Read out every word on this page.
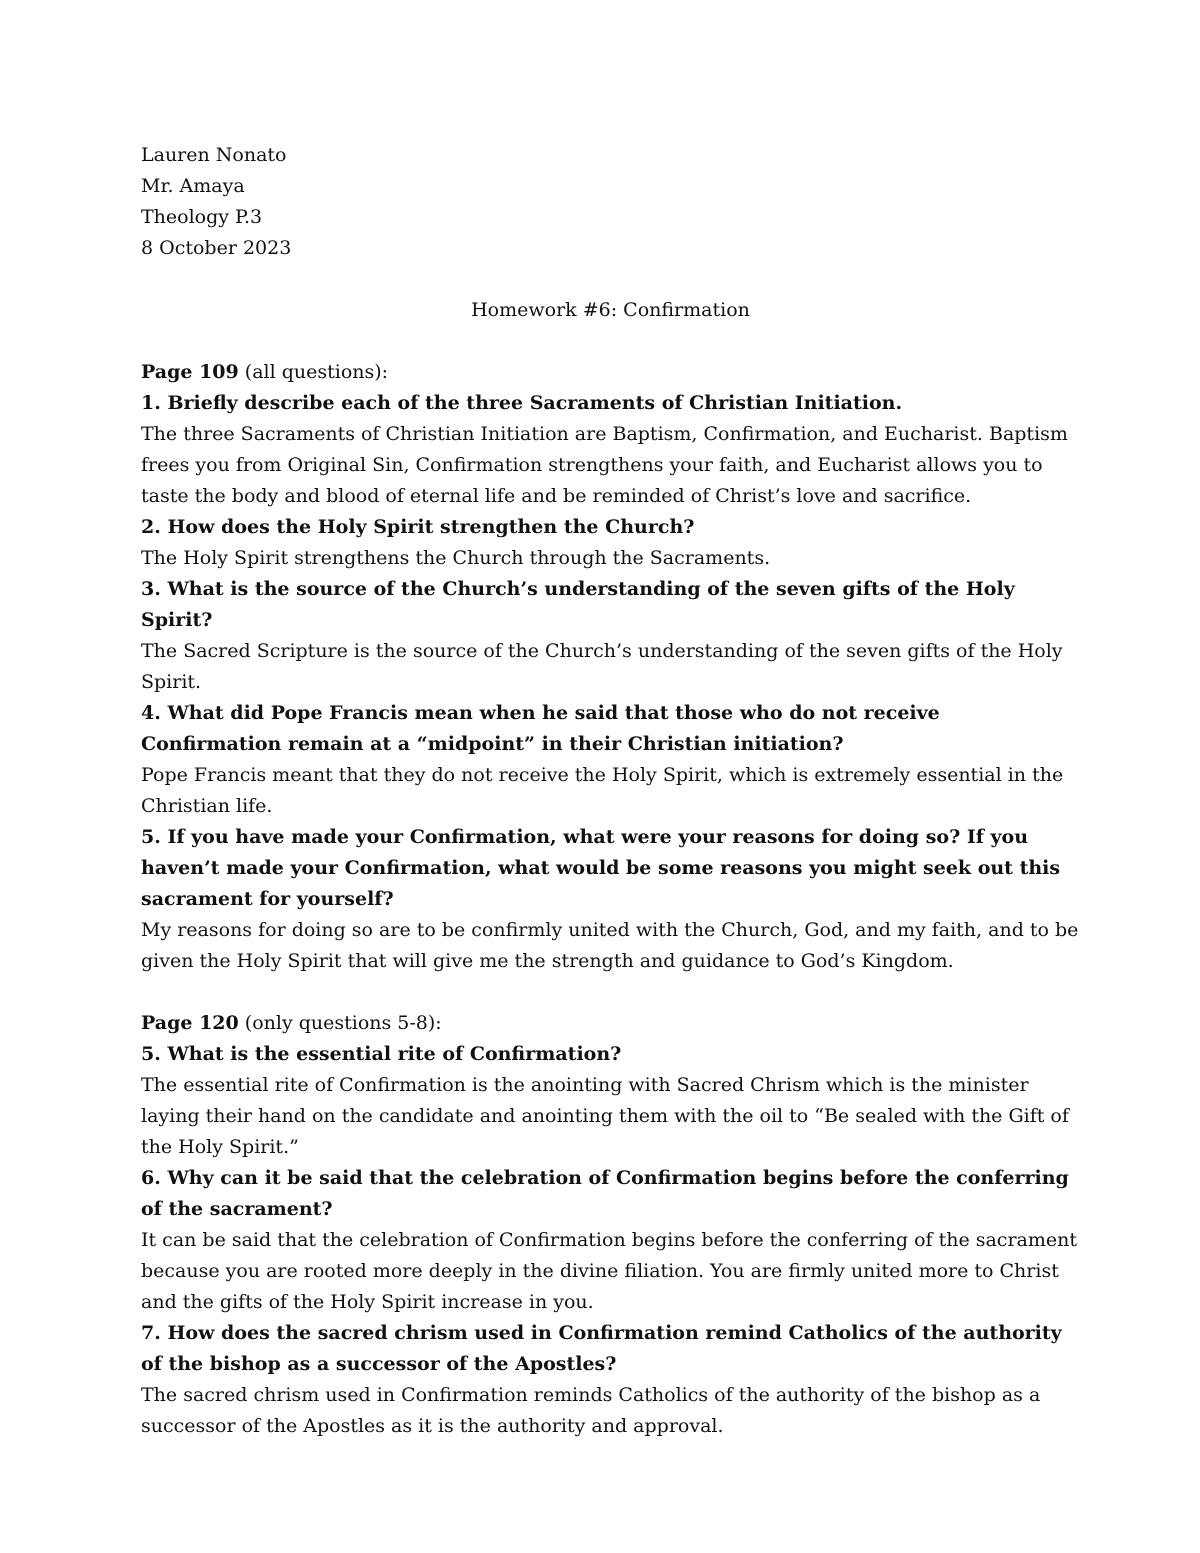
Lauren Nonato
Mr. Amaya
Theology P.3
8 October 2023
Homework #6: Confirmation
Page 109 (all questions):
1. Briefly describe each of the three Sacraments of Christian Initiation.
The three Sacraments of Christian Initiation are Baptism, Confirmation, and Eucharist. Baptism frees you from Original Sin, Confirmation strengthens your faith, and Eucharist allows you to taste the body and blood of eternal life and be reminded of Christ’s love and sacrifice.
2. How does the Holy Spirit strengthen the Church?
The Holy Spirit strengthens the Church through the Sacraments.
3. What is the source of the Church’s understanding of the seven gifts of the Holy Spirit?
The Sacred Scripture is the source of the Church’s understanding of the seven gifts of the Holy Spirit.
4. What did Pope Francis mean when he said that those who do not receive Confirmation remain at a “midpoint” in their Christian initiation?
Pope Francis meant that they do not receive the Holy Spirit, which is extremely essential in the Christian life.
5. If you have made your Confirmation, what were your reasons for doing so? If you haven’t made your Confirmation, what would be some reasons you might seek out this sacrament for yourself?
My reasons for doing so are to be confirmly united with the Church, God, and my faith, and to be given the Holy Spirit that will give me the strength and guidance to God’s Kingdom.
Page 120 (only questions 5-8):
5. What is the essential rite of Confirmation?
The essential rite of Confirmation is the anointing with Sacred Chrism which is the minister laying their hand on the candidate and anointing them with the oil to “Be sealed with the Gift of the Holy Spirit.”
6. Why can it be said that the celebration of Confirmation begins before the conferring of the sacrament?
It can be said that the celebration of Confirmation begins before the conferring of the sacrament because you are rooted more deeply in the divine filiation. You are firmly united more to Christ and the gifts of the Holy Spirit increase in you.
7. How does the sacred chrism used in Confirmation remind Catholics of the authority of the bishop as a successor of the Apostles?
The sacred chrism used in Confirmation reminds Catholics of the authority of the bishop as a successor of the Apostles as it is the authority and approval.
